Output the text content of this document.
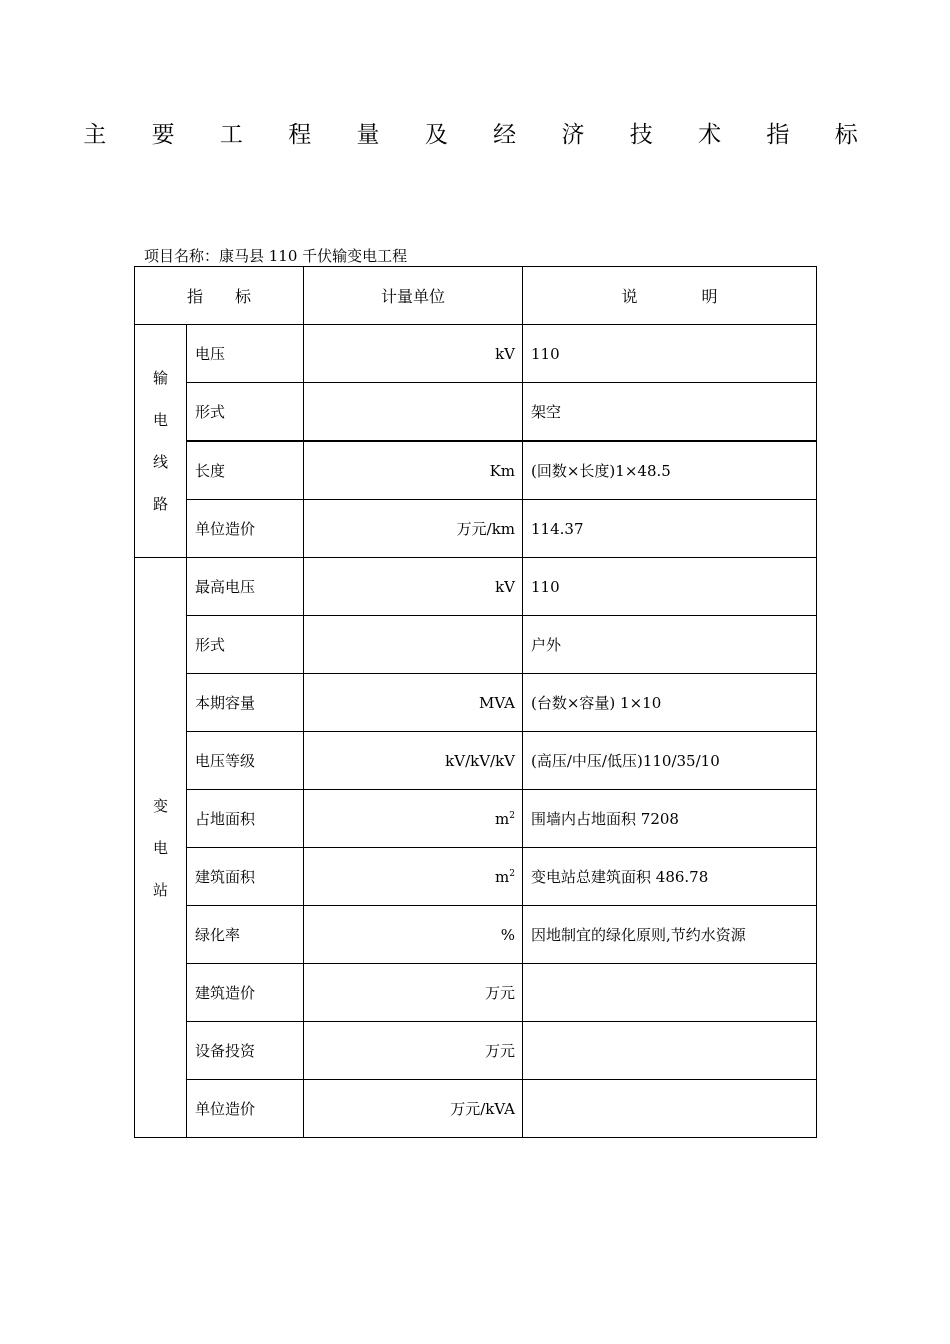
主 要 工 程 量 及 经 济 技 术 指 标
项目名称：康马县 110 千伏输变电工程
指　　标		计量单位	说　　　　明

输
电
线
路	电压	kV	110
	形式		架空
	长度	Km	(回数×长度)1×48.5
	单位造价	万元/km	114.37

变
电
站	最高电压	kV	110
	形式		户外
	本期容量	MVA	(台数×容量) 1×10
	电压等级	kV/kV/kV	(高压/中压/低压)110/35/10
	占地面积	$m^2$	围墙内占地面积 7208
	建筑面积	$m^2$	变电站总建筑面积 486.78
	绿化率	%	因地制宜的绿化原则,节约水资源
	建筑造价	万元	
	设备投资	万元	
	单位造价	万元/kVA	
